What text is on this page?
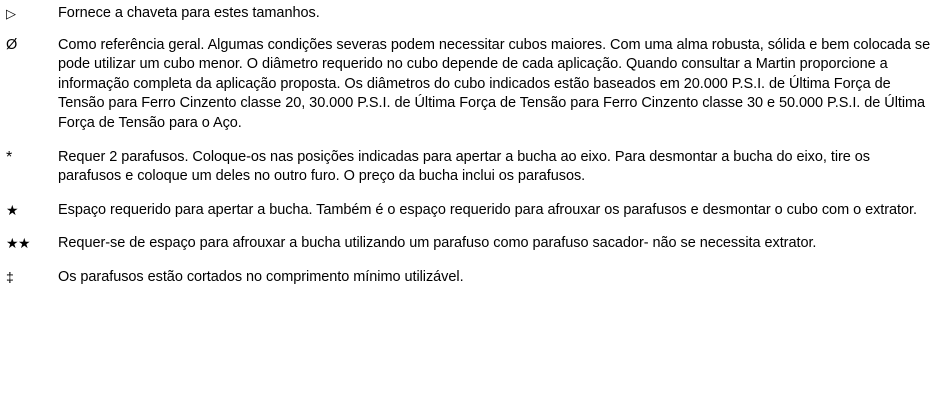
▷	Fornece a chaveta para estes tamanhos.
Ø	Como referência geral. Algumas condições severas podem necessitar cubos maiores. Com uma alma robusta, sólida e bem colocada se pode utilizar um cubo menor. O diâmetro requerido no cubo depende de cada aplicação. Quando consultar a Martin proporcione a informação completa da aplicação proposta. Os diâmetros do cubo indicados estão baseados em 20.000 P.S.I. de Última Força de Tensão para Ferro Cinzento classe 20, 30.000 P.S.I. de Última Força de Tensão para Ferro Cinzento classe 30 e 50.000 P.S.I. de Última Força de Tensão para o Aço.
*	Requer 2 parafusos. Coloque-os nas posições indicadas para apertar a bucha ao eixo. Para desmontar a bucha do eixo, tire os parafusos e coloque um deles no outro furo. O preço da bucha inclui os parafusos.
★	Espaço requerido para apertar a bucha. Também é o espaço requerido para afrouxar os parafusos e desmontar o cubo com o extrator.
★★	Requer-se de espaço para afrouxar a bucha utilizando um parafuso como parafuso sacador- não se necessita extrator.
‡	Os parafusos estão cortados no comprimento mínimo utilizável.
